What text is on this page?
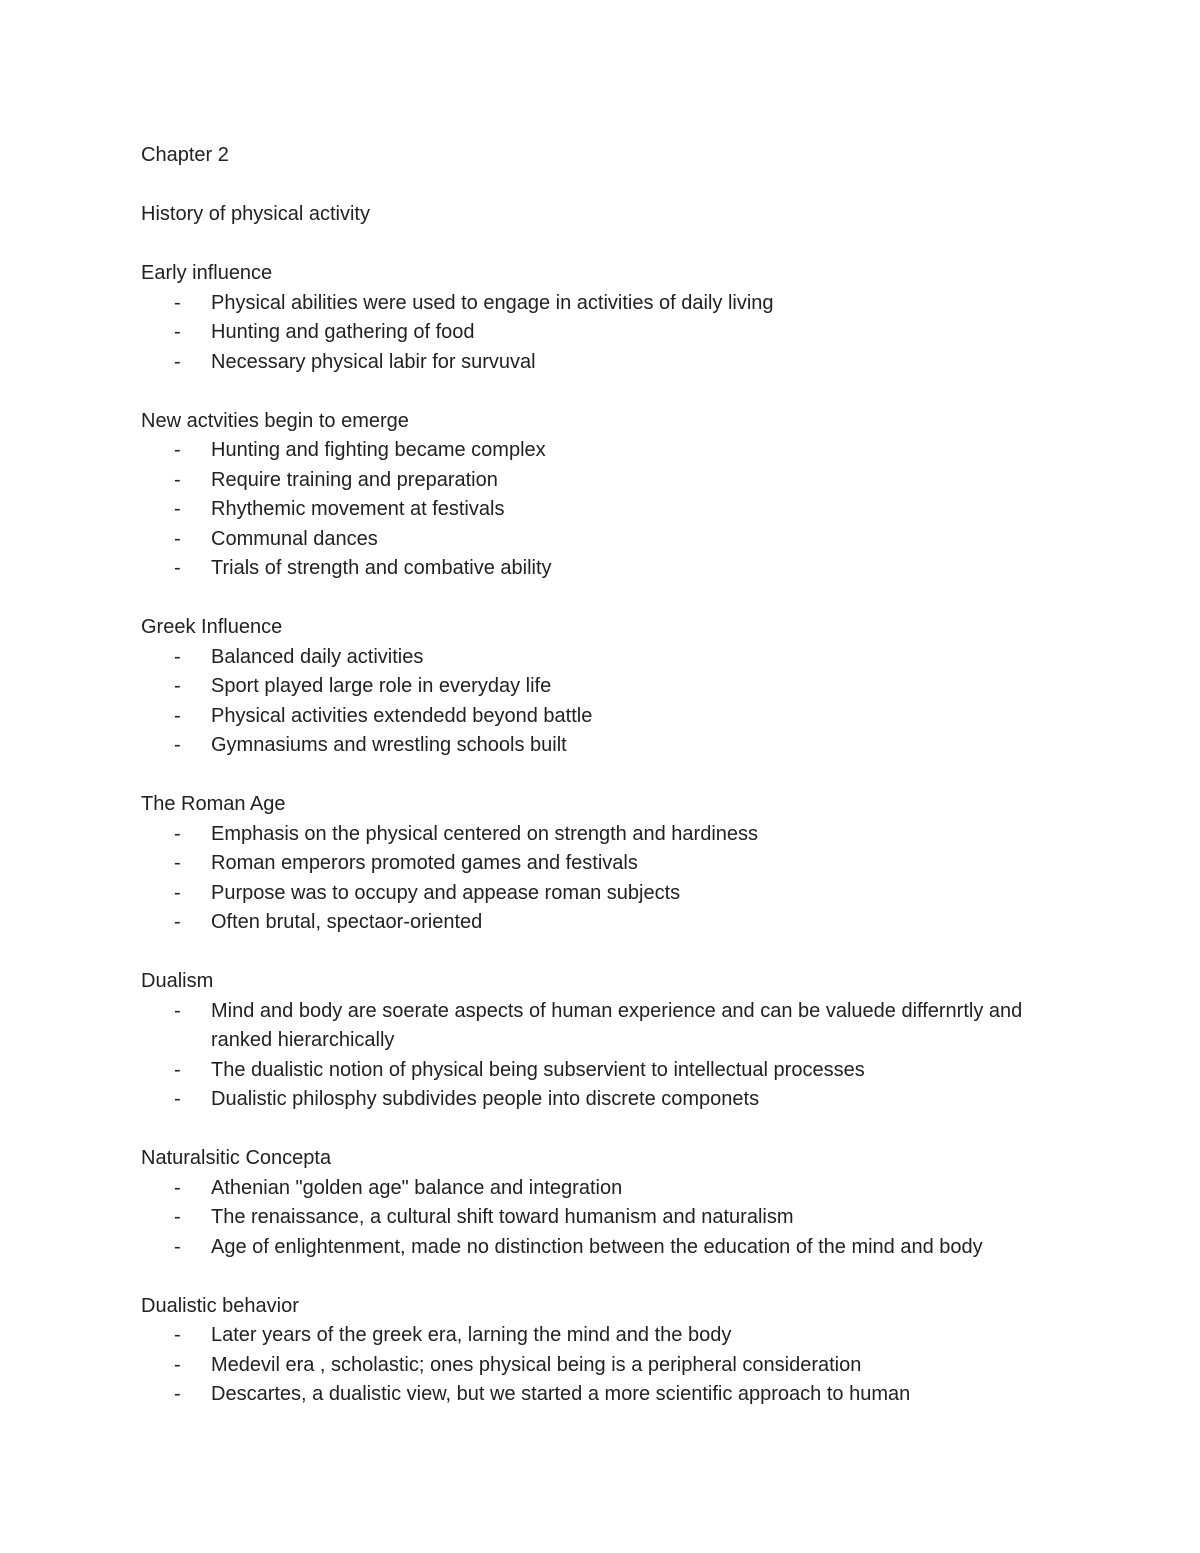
Chapter 2

History of physical activity

Early influence

- Physical abilities were used to engage in activities of daily living
- Hunting and gathering of food
- Necessary physical labir for survuval

New actvities begin to emerge

- Hunting and fighting became complex
- Require training and preparation
- Rhythemic movement at festivals
- Communal dances
- Trials of strength and combative ability

Greek Influence

- Balanced daily activities
- Sport played large role in everyday life
- Physical activities extendedd beyond battle
- Gymnasiums and wrestling schools built

The Roman Age

- Emphasis on the physical centered on strength and hardiness
- Roman emperors promoted games and festivals
- Purpose was to occupy and appease roman subjects
- Often brutal, spectaor-oriented

Dualism

- Mind and body are soerate aspects of human experience and can be valuede differnrtly and ranked hierarchically
- The dualistic notion of physical being subservient to intellectual processes
- Dualistic philosphy subdivides people into discrete componets

Naturalsitic Concepta

- Athenian "golden age" balance and integration
- The renaissance, a cultural shift toward humanism and naturalism
- Age of enlightenment, made no distinction between the education of the mind and body

Dualistic behavior

- Later years of the greek era, larning the mind and the body
- Medevil era , scholastic; ones physical being is a peripheral consideration
- Descartes, a dualistic view, but we started a more scientific approach to human
